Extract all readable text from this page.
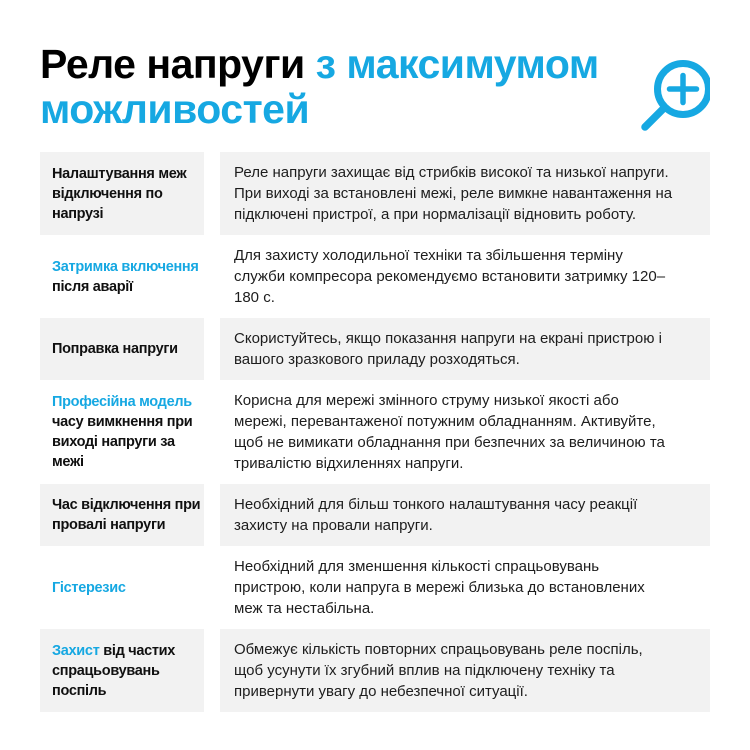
Реле напруги з максимумом можливостей
Налаштування меж відключення по напрузі

Реле напруги захищає від стрибків високої та низької напруги. При виході за встановлені межі, реле вимкне навантаження на підключені пристрої, а при нормалізації відновить роботу.

Затримка включення після аварії

Для захисту холодильної техніки та збільшення терміну служби компресора рекомендуємо встановити затримку 120–180 с.

Поправка напруги

Скористуйтесь, якщо показання напруги на екрані пристрою і вашого зразкового приладу розходяться.

Професійна модель часу вимкнення при виході напруги за межі

Корисна для мережі змінного струму низької якості або мережі, перевантаженої потужним обладнанням. Активуйте, щоб не вимикати обладнання при безпечних за величиною та тривалістю відхиленнях напруги.

Час відключення при провалі напруги

Необхідний для більш тонкого налаштування часу реакції захисту на провали напруги.

Гістерезис

Необхідний для зменшення кількості спрацьовувань пристрою, коли напруга в мережі близька до встановлених меж та нестабільна.

Захист від частих спрацьовувань поспіль

Обмежує кількість повторних спрацьовувань реле поспіль, щоб усунути їх згубний вплив на підключену техніку та привернути увагу до небезпечної ситуації.
